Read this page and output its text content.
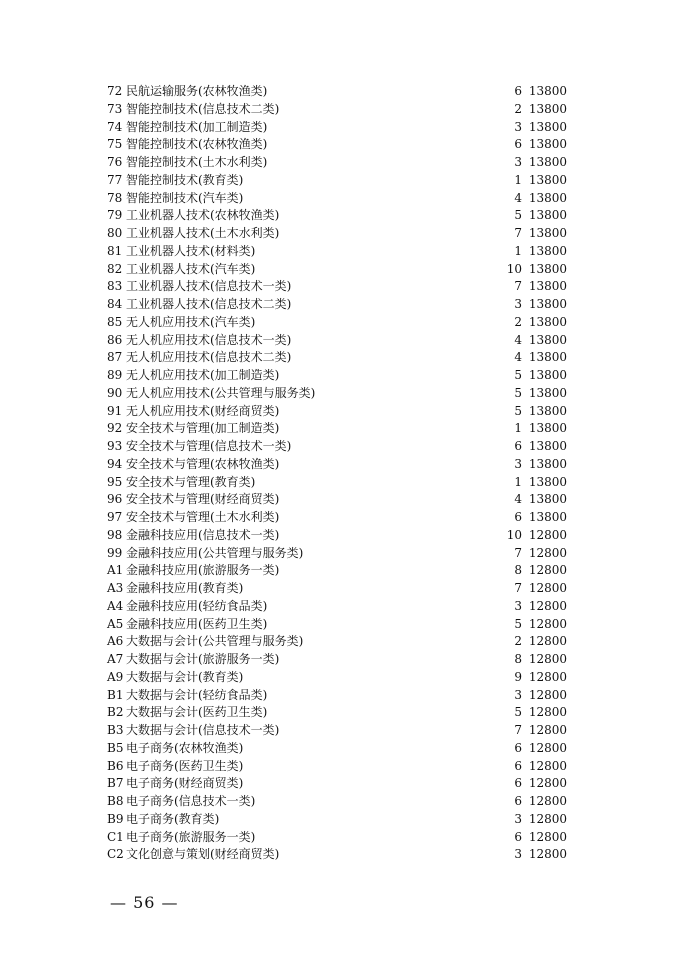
72 民航运输服务(农林牧渔类)	6 13800
73 智能控制技术(信息技术二类)	2 13800
74 智能控制技术(加工制造类)	3 13800
75 智能控制技术(农林牧渔类)	6 13800
76 智能控制技术(土木水利类)	3 13800
77 智能控制技术(教育类)	1 13800
78 智能控制技术(汽车类)	4 13800
79 工业机器人技术(农林牧渔类)	5 13800
80 工业机器人技术(土木水利类)	7 13800
81 工业机器人技术(材料类)	1 13800
82 工业机器人技术(汽车类)	10 13800
83 工业机器人技术(信息技术一类)	7 13800
84 工业机器人技术(信息技术二类)	3 13800
85 无人机应用技术(汽车类)	2 13800
86 无人机应用技术(信息技术一类)	4 13800
87 无人机应用技术(信息技术二类)	4 13800
89 无人机应用技术(加工制造类)	5 13800
90 无人机应用技术(公共管理与服务类)	5 13800
91 无人机应用技术(财经商贸类)	5 13800
92 安全技术与管理(加工制造类)	1 13800
93 安全技术与管理(信息技术一类)	6 13800
94 安全技术与管理(农林牧渔类)	3 13800
95 安全技术与管理(教育类)	1 13800
96 安全技术与管理(财经商贸类)	4 13800
97 安全技术与管理(土木水利类)	6 13800
98 金融科技应用(信息技术一类)	10 12800
99 金融科技应用(公共管理与服务类)	7 12800
A1 金融科技应用(旅游服务一类)	8 12800
A3 金融科技应用(教育类)	7 12800
A4 金融科技应用(轻纺食品类)	3 12800
A5 金融科技应用(医药卫生类)	5 12800
A6 大数据与会计(公共管理与服务类)	2 12800
A7 大数据与会计(旅游服务一类)	8 12800
A9 大数据与会计(教育类)	9 12800
B1 大数据与会计(轻纺食品类)	3 12800
B2 大数据与会计(医药卫生类)	5 12800
B3 大数据与会计(信息技术一类)	7 12800
B5 电子商务(农林牧渔类)	6 12800
B6 电子商务(医药卫生类)	6 12800
B7 电子商务(财经商贸类)	6 12800
B8 电子商务(信息技术一类)	6 12800
B9 电子商务(教育类)	3 12800
C1 电子商务(旅游服务一类)	6 12800
C2 文化创意与策划(财经商贸类)	3 12800
— 56 —
